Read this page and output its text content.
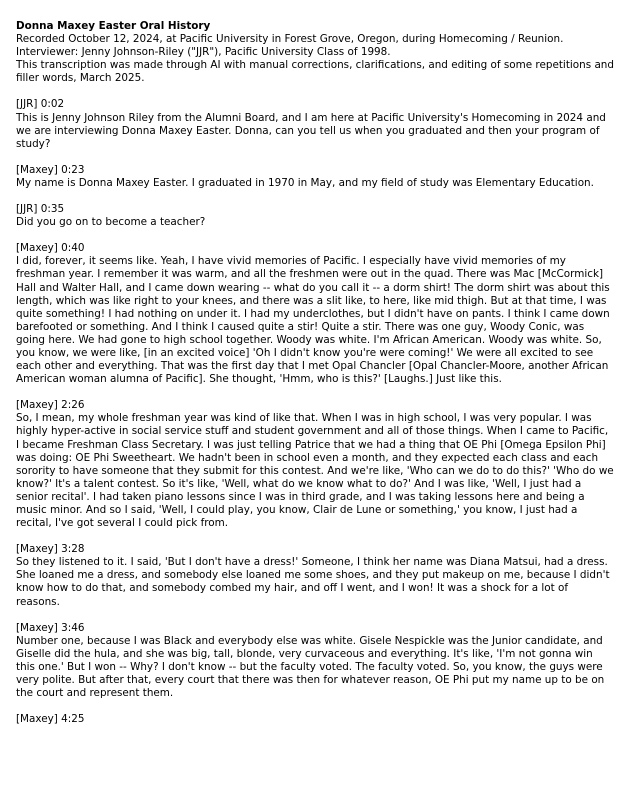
Donna Maxey Easter Oral History
Recorded October 12, 2024, at Pacific University in Forest Grove, Oregon, during Homecoming / Reunion.
Interviewer: Jenny Johnson-Riley ("JJR"), Pacific University Class of 1998.
This transcription was made through AI with manual corrections, clarifications, and editing of some repetitions and filler words, March 2025.
[JJR] 0:02
This is Jenny Johnson Riley from the Alumni Board, and I am here at Pacific University's Homecoming in 2024 and we are interviewing Donna Maxey Easter. Donna, can you tell us when you graduated and then your program of study?
[Maxey] 0:23
My name is Donna Maxey Easter. I graduated in 1970 in May, and my field of study was Elementary Education.
[JJR] 0:35
Did you go on to become a teacher?
[Maxey] 0:40
I did, forever, it seems like. Yeah, I have vivid memories of Pacific. I especially have vivid memories of my freshman year. I remember it was warm, and all the freshmen were out in the quad. There was Mac [McCormick] Hall and Walter Hall, and I came down wearing -- what do you call it -- a dorm shirt! The dorm shirt was about this length, which was like right to your knees, and there was a slit like, to here, like mid thigh. But at that time, I was quite something! I had nothing on under it. I had my underclothes, but I didn't have on pants. I think I came down barefooted or something. And I think I caused quite a stir! Quite a stir. There was one guy, Woody Conic, was going here. We had gone to high school together. Woody was white. I'm African American. Woody was white. So, you know, we were like, [in an excited voice] 'Oh I didn't know you're were coming!' We were all excited to see each other and everything. That was the first day that I met Opal Chancler [Opal Chancler-Moore, another African American woman alumna of Pacific]. She thought, 'Hmm, who is this?' [Laughs.] Just like this.
[Maxey] 2:26
So, I mean, my whole freshman year was kind of like that. When I was in high school, I was very popular. I was highly hyper-active in social service stuff and student government and all of those things. When I came to Pacific, I became Freshman Class Secretary. I was just telling Patrice that we had a thing that OE Phi [Omega Epsilon Phi] was doing: OE Phi Sweetheart. We hadn't been in school even a month, and they expected each class and each sorority to have someone that they submit for this contest. And we're like, 'Who can we do to do this?' 'Who do we know?' It's a talent contest. So it's like, 'Well, what do we know what to do?' And I was like, 'Well, I just had a senior recital'. I had taken piano lessons since I was in third grade, and I was taking lessons here and being a music minor. And so I said, 'Well, I could play, you know, Clair de Lune or something,' you know, I just had a recital, I've got several I could pick from.
[Maxey] 3:28
So they listened to it. I said, 'But I don't have a dress!' Someone, I think her name was Diana Matsui, had a dress. She loaned me a dress, and somebody else loaned me some shoes, and they put makeup on me, because I didn't know how to do that, and somebody combed my hair, and off I went, and I won! It was a shock for a lot of reasons.
[Maxey] 3:46
Number one, because I was Black and everybody else was white. Gisele Nespickle was the Junior candidate, and Giselle did the hula, and she was big, tall, blonde, very curvaceous and everything. It's like, 'I'm not gonna win this one.' But I won -- Why? I don't know -- but the faculty voted. The faculty voted. So, you know, the guys were very polite. But after that, every court that there was then for whatever reason, OE Phi put my name up to be on the court and represent them.
[Maxey] 4:25
